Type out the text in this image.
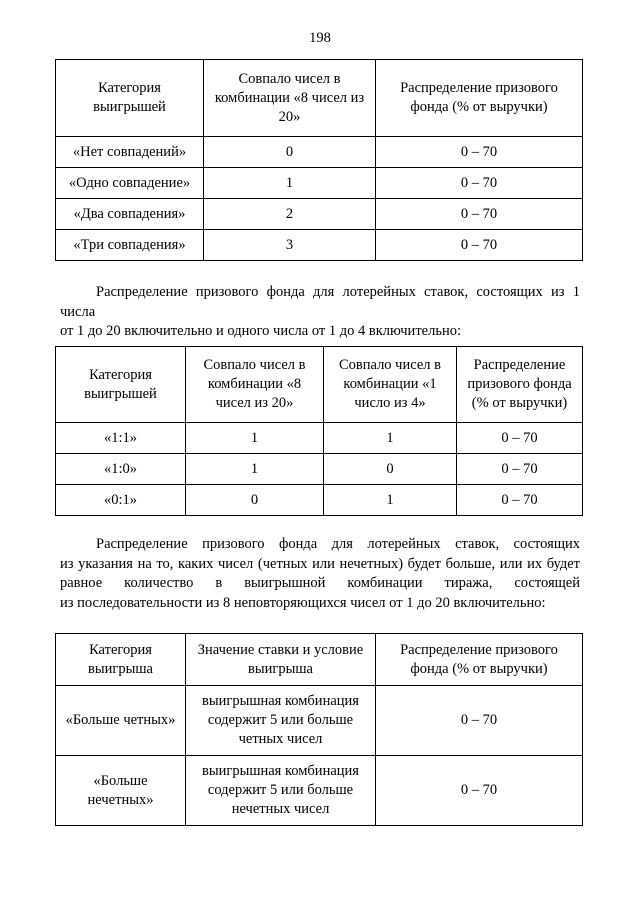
198
Категория выигрышей	Совпало чисел в комбинации «8 чисел из 20»	Распределение призового фонда (% от выручки)
«Нет совпадений»	0	0 – 70
«Одно совпадение»	1	0 – 70
«Два совпадения»	2	0 – 70
«Три совпадения»	3	0 – 70
Распределение призового фонда для лотерейных ставок, состоящих из 1 числа
от 1 до 20 включительно и одного числа от 1 до 4 включительно:
Категория выигрышей	Совпало чисел в комбинации «8 чисел из 20»	Совпало чисел в комбинации «1 число из 4»	Распределение призового фонда (% от выручки)
«1:1»	1	1	0 – 70
«1:0»	1	0	0 – 70
«0:1»	0	1	0 – 70
Распределение призового фонда для лотерейных ставок, состоящих
из указания на то, каких чисел (четных или нечетных) будет больше, или их будет
равное количество в выигрышной комбинации тиража, состоящей
из последовательности из 8 неповторяющихся чисел от 1 до 20 включительно:
Категория выигрыша	Значение ставки и условие выигрыша	Распределение призового фонда (% от выручки)
«Больше четных»	выигрышная комбинация содержит 5 или больше четных чисел	0 – 70
«Больше нечетных»	выигрышная комбинация содержит 5 или больше нечетных чисел	0 – 70
